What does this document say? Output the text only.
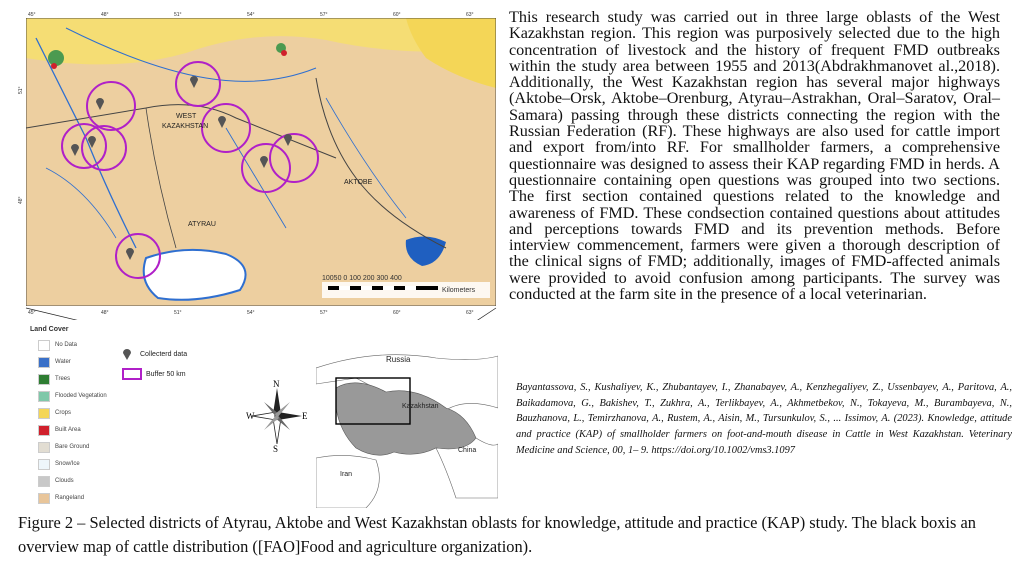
WEST
KAZAKHSTAN
AKTOBE
ATYRAU
10050 0 100 200 300 400
Kilometers
45°	48°	51°	54°	57°	60°	63°
45°	48°	51°	54°	57°	60°	63°
51°
48°
Land Cover
No Data
Water
Trees
Flooded Vegetation
Crops
Built Area
Bare Ground
Snow/Ice
Clouds
Rangeland
Collecterd data
Buffer 50 km
N
S
W	E
Russia
Kazakhstan
China
Iran

This research study was carried out in three large oblasts of the West Kazakhstan region. This region was purposively selected due to the high concentration of livestock and the history of frequent FMD outbreaks within the study area between 1955 and 2013(Abdrakhmanovet al.,2018). Additionally, the West Kazakhstan region has several major highways (Aktobe–Orsk, Aktobe–Orenburg, Atyrau–Astrakhan, Oral–Saratov, Oral–Samara) passing through these districts connecting the region with the Russian Federation (RF). These highways are also used for cattle import and export from/into RF. For smallholder farmers, a comprehensive questionnaire was designed to assess their KAP regarding FMD in herds. A questionnaire containing open questions was grouped into two sections. The first section contained questions related to the knowledge and awareness of FMD. These condsection contained questions about attitudes and perceptions towards FMD and its prevention methods. Before interview commencement, farmers were given a thorough description of the clinical signs of FMD; additionally, images of FMD-affected animals were provided to avoid confusion among participants. The survey was conducted at the farm site in the presence of a local veterinarian.

Bayantassova, S., Kushaliyev, K., Zhubantayev, I., Zhanabayev, A., Kenzhegaliyev, Z., Ussenbayev, A., Paritova, A., Baikadamova, G., Bakishev, T., Zukhra, A., Terlikbayev, A., Akhmetbekov, N., Tokayeva, M., Burambayeva, N., Bauzhanova, L., Temirzhanova, A., Rustem, A., Aisin, M., Tursunkulov, S., ... Issimov, A. (2023). Knowledge, attitude and practice (KAP) of smallholder farmers on foot-and-mouth disease in Cattle in West Kazakhstan. Veterinary Medicine and Science, 00, 1– 9. https://doi.org/10.1002/vms3.1097

Figure 2 – Selected districts of Atyrau, Aktobe and West Kazakhstan oblasts for knowledge, attitude and practice (KAP) study. The black boxis an overview map of cattle distribution ([FAO]Food and agriculture organization).
